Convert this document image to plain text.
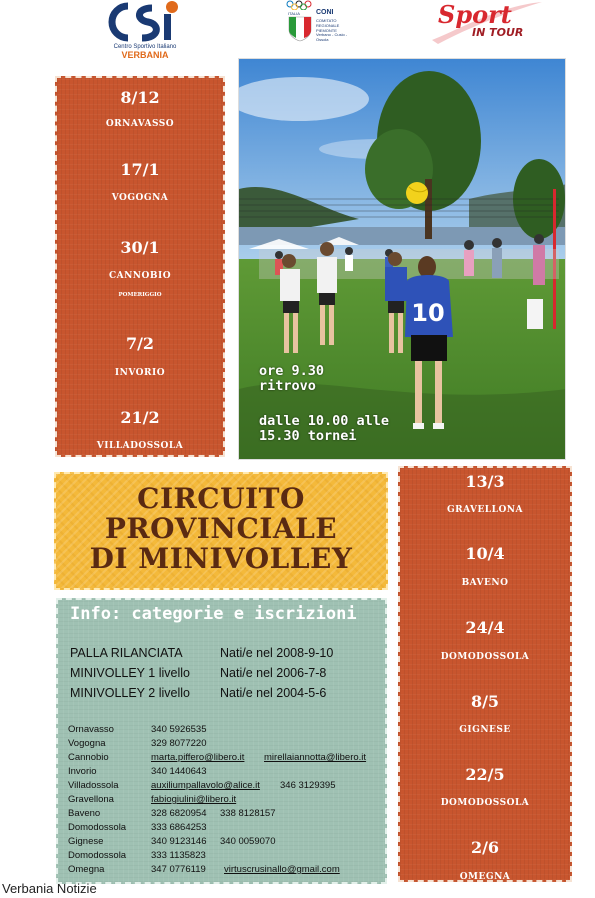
Centro Sportivo Italiano
VERBANIA
ITALIA CONI
COMITATO REGIONALE PIEMONTE
Verbano - Cusio - Ossola
Sport
IN TOUR
8/12
ORNAVASSO
17/1
VOGOGNA
30/1
CANNOBIO
POMERIGGIO
7/2
INVORIO
21/2
VILLADOSSOLA
10
ore 9.30
ritrovo
dalle 10.00 alle
15.30 tornei
CIRCUITO
PROVINCIALE
DI MINIVOLLEY
13/3
GRAVELLONA
10/4
BAVENO
24/4
DOMODOSSOLA
8/5
GIGNESE
22/5
DOMODOSSOLA
2/6
OMEGNA
Info: categorie e iscrizioni
PALLA RILANCIATA	Nati/e nel 2008-9-10
MINIVOLLEY 1 livello Nati/e nel 2006-7-8
MINIVOLLEY 2 livello Nati/e nel 2004-5-6
Ornavasso	340 5926535
Vogogna	329 8077220
Cannobio	marta.piffero@libero.it mirellaiannotta@libero.it
Invorio	340 1440643
Villadossola	auxiliumpallavolo@alice.it 346 3129395
Gravellona	fabiogiulini@libero.it
Baveno	328 6820954 338 8128157
Domodossola	333 6864253
Gignese	340 9123146 340 0059070
Domodossola	333 1135823
Omegna	347 0776119 virtuscrusinallo@gmail.com
Verbania Notizie
